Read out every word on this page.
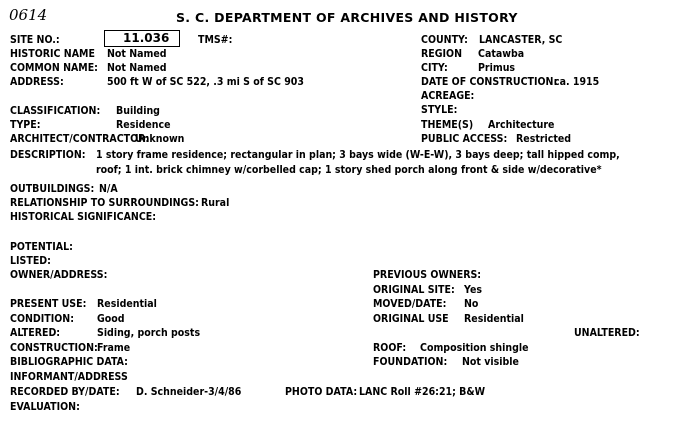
0614	S. C. DEPARTMENT OF ARCHIVES AND HISTORY
SITE NO.:	11.036	TMS#:	COUNTY: LANCASTER, SC
HISTORIC NAME Not Named	REGION Catawba
COMMON NAME: Not Named	CITY:	Primus
ADDRESS:	500 ft W of SC 522, .3 mi S of SC 903	DATE OF CONSTRUCTION:
ca. 1915
ACREAGE:
CLASSIFICATION: Building	STYLE:
TYPE:	Residence	THEME(S) Architecture
ARCHITECT/CONTRACTOR:
Unknown	PUBLIC ACCESS: Restricted
DESCRIPTION: 1 story frame residence; rectangular in plan; 3 bays wide (W-E-W), 3 bays deep; tall hipped comp,
roof; 1 int. brick chimney w/corbelled cap; 1 story shed porch along front & side w/decorative*
OUTBUILDINGS: N/A
RELATIONSHIP TO SURROUNDINGS: Rural
HISTORICAL SIGNIFICANCE:
POTENTIAL:
LISTED:
OWNER/ADDRESS:	PREVIOUS OWNERS:
ORIGINAL SITE: Yes
PRESENT USE: Residential	MOVED/DATE: No
CONDITION: Good	ORIGINAL USE Residential
ALTERED:	Siding, porch posts	UNALTERED:
CONSTRUCTION: Frame	ROOF: Composition shingle
BIBLIOGRAPHIC DATA:	FOUNDATION: Not visible
INFORMANT/ADDRESS
RECORDED BY/DATE: D. Schneider-3/4/86	PHOTO DATA: LANC Roll #26:21; B&W
EVALUATION:
